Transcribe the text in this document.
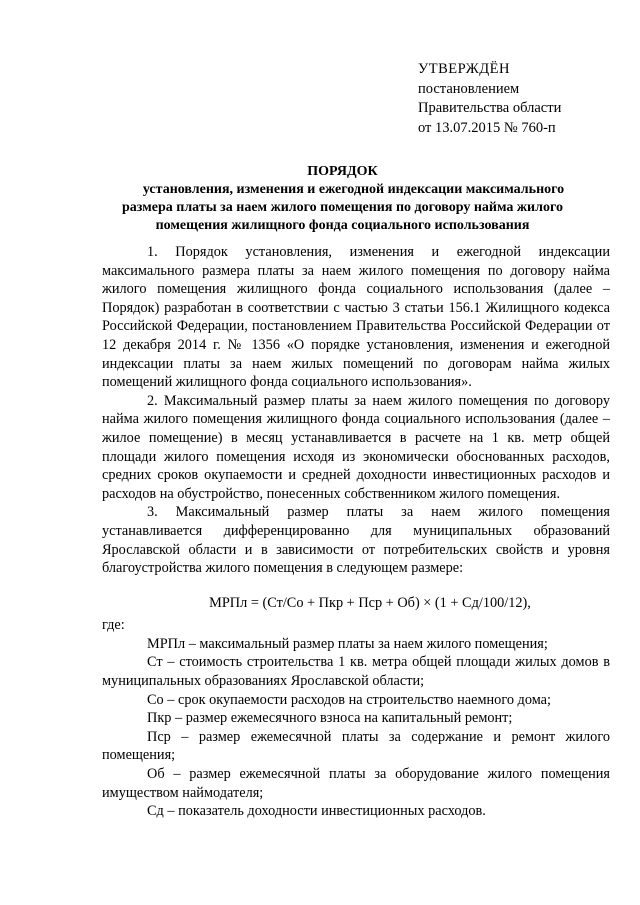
УТВЕРЖДЁН
постановлением
Правительства области
от 13.07.2015 № 760-п
ПОРЯДОК
установления, изменения и ежегодной индексации максимального размера платы за наем жилого помещения по договору найма жилого помещения жилищного фонда социального использования

1. Порядок установления, изменения и ежегодной индексации максимального размера платы за наем жилого помещения по договору найма жилого помещения жилищного фонда социального использования (далее – Порядок) разработан в соответствии с частью 3 статьи 156.1 Жилищного кодекса Российской Федерации, постановлением Правительства Российской Федерации от 12 декабря 2014 г. № 1356 «О порядке установления, изменения и ежегодной индексации платы за наем жилых помещений по договорам найма жилых помещений жилищного фонда социального использования».

2. Максимальный размер платы за наем жилого помещения по договору найма жилого помещения жилищного фонда социального использования (далее – жилое помещение) в месяц устанавливается в расчете на 1 кв. метр общей площади жилого помещения исходя из экономически обоснованных расходов, средних сроков окупаемости и средней доходности инвестиционных расходов и расходов на обустройство, понесенных собственником жилого помещения.

3. Максимальный размер платы за наем жилого помещения устанавливается дифференцированно для муниципальных образований Ярославской области и в зависимости от потребительских свойств и уровня благоустройства жилого помещения в следующем размере:

МРПл = (Ст/Со + Пкр + Пср + Об) × (1 + Сд/100/12),

где:

МРПл – максимальный размер платы за наем жилого помещения;

Ст – стоимость строительства 1 кв. метра общей площади жилых домов в муниципальных образованиях Ярославской области;

Со – срок окупаемости расходов на строительство наемного дома;

Пкр – размер ежемесячного взноса на капитальный ремонт;

Пср – размер ежемесячной платы за содержание и ремонт жилого помещения;

Об – размер ежемесячной платы за оборудование жилого помещения имуществом наймодателя;

Сд – показатель доходности инвестиционных расходов.
